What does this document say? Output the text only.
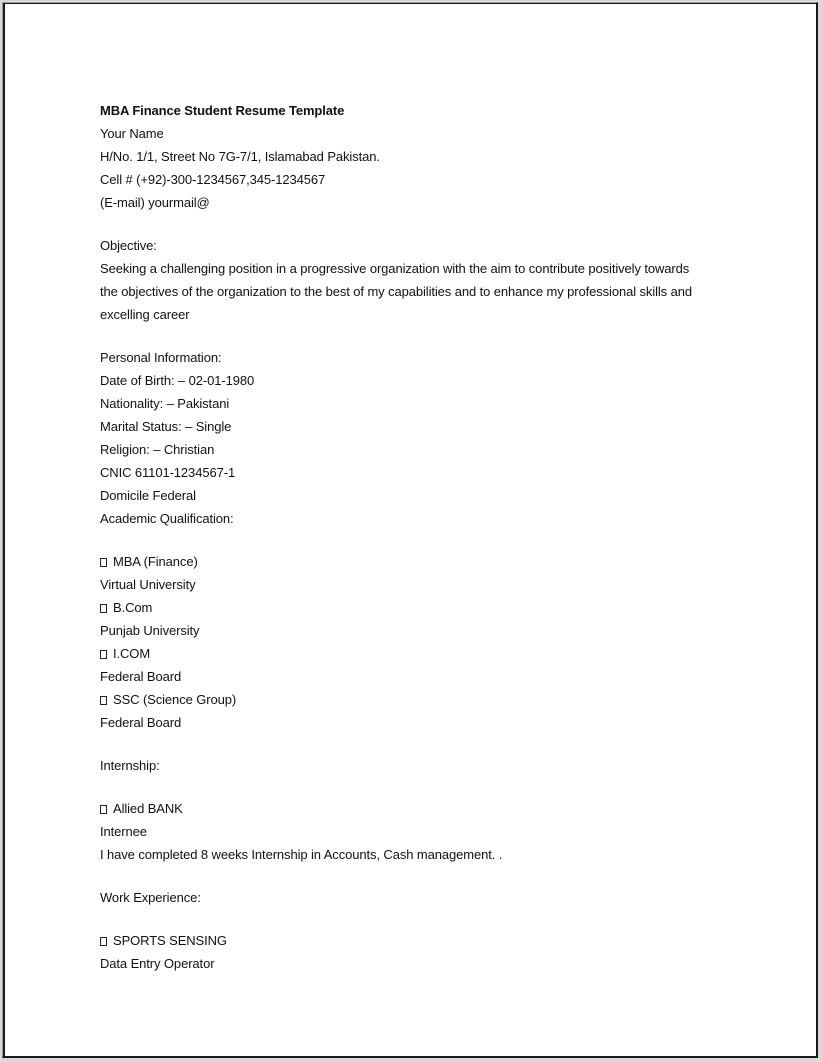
MBA Finance Student Resume Template
Your Name
H/No. 1/1, Street No 7G-7/1, Islamabad Pakistan.
Cell # (+92)-300-1234567,345-1234567
(E-mail) yourmail@
Objective:
Seeking a challenging position in a progressive organization with the aim to contribute positively towards
the objectives of the organization to the best of my capabilities and to enhance my professional skills and
excelling career
Personal Information:
Date of Birth: – 02-01-1980
Nationality: – Pakistani
Marital Status: – Single
Religion: – Christian
CNIC 61101-1234567-1
Domicile Federal
Academic Qualification:
MBA (Finance)
Virtual University
B.Com
Punjab University
I.COM
Federal Board
SSC (Science Group)
Federal Board
Internship:
Allied BANK
Internee
I have completed 8 weeks Internship in Accounts, Cash management. .
Work Experience:
SPORTS SENSING
Data Entry Operator
